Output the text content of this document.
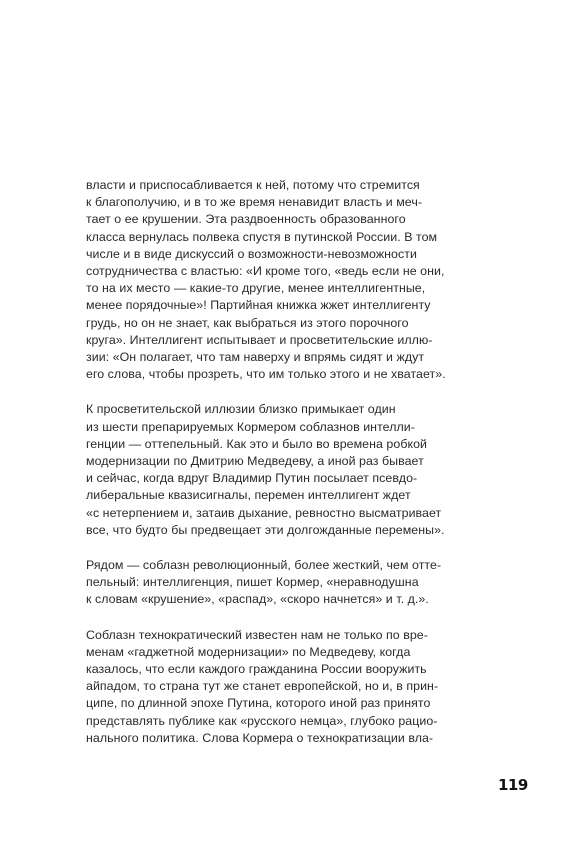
власти и приспосабливается к ней, потому что стремится
к благополучию, и в то же время ненавидит власть и меч-
тает о ее крушении. Эта раздвоенность образованного
класса вернулась полвека спустя в путинской России. В том
числе и в виде дискуссий о возможности-невозможности
сотрудничества с властью: «И кроме того, «ведь если не они,
то на их место — какие-то другие, менее интеллигентные,
менее порядочные»! Партийная книжка жжет интеллигенту
грудь, но он не знает, как выбраться из этого порочного
круга». Интеллигент испытывает и просветительские иллю-
зии: «Он полагает, что там наверху и впрямь сидят и ждут
его слова, чтобы прозреть, что им только этого и не хватает».

К просветительской иллюзии близко примыкает один
из шести препарируемых Кормером соблазнов интелли-
генции — оттепельный. Как это и было во времена робкой
модернизации по Дмитрию Медведеву, а иной раз бывает
и сейчас, когда вдруг Владимир Путин посылает псевдо-
либеральные квазисигналы, перемен интеллигент ждет
«с нетерпением и, затаив дыхание, ревностно высматривает
все, что будто бы предвещает эти долгожданные перемены».

Рядом — соблазн революционный, более жесткий, чем отте-
пельный: интеллигенция, пишет Кормер, «неравнодушна
к словам «крушение», «распад», «скоро начнется» и т. д.».

Соблазн технократический известен нам не только по вре-
менам «гаджетной модернизации» по Медведеву, когда
казалось, что если каждого гражданина России вооружить
айпадом, то страна тут же станет европейской, но и, в прин-
ципе, по длинной эпохе Путина, которого иной раз принято
представлять публике как «русского немца», глубоко рацио-
нального политика. Слова Кормера о технократизации вла-

119
